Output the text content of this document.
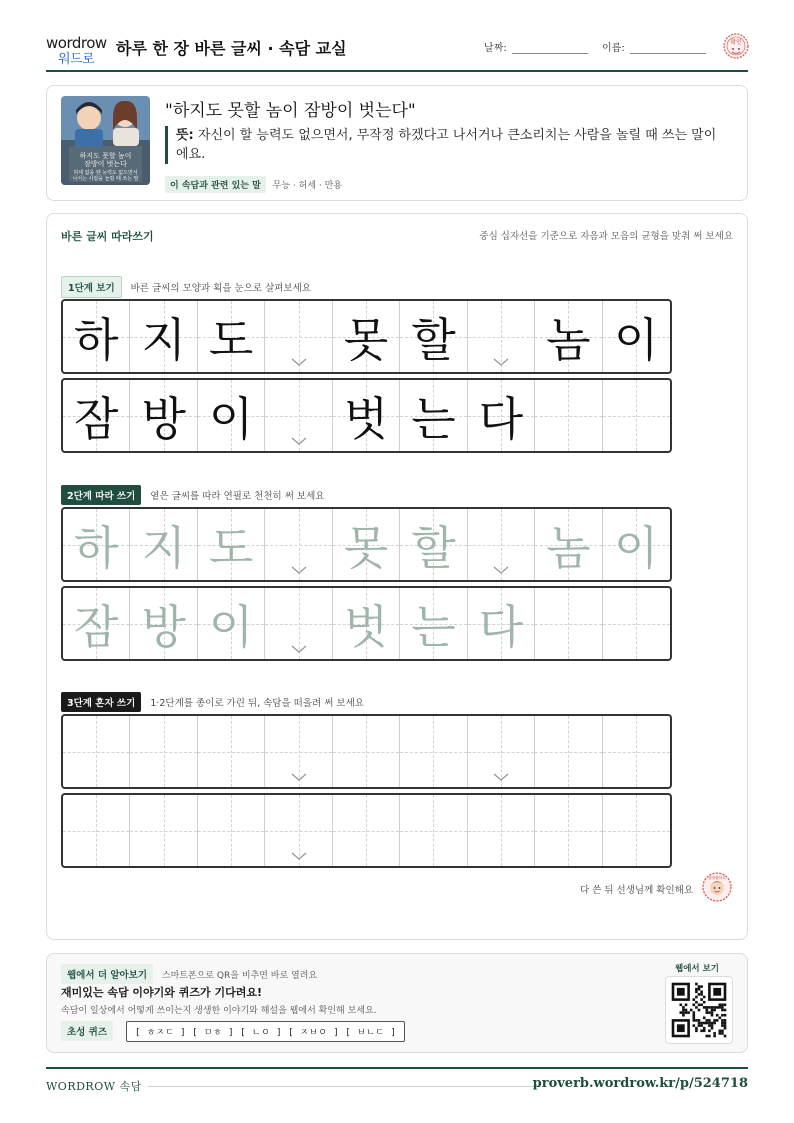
wordrow
워드로
하루 한 장 바른 글씨 · 속담 교실	날짜:	이름:
확인
하지도 못할 놈이
잠방이 벗는다
허세 없을 땐 능력도 없으면서
나서는 사람을 놀릴 때 쓰는 말
"하지도 못할 놈이 잠방이 벗는다"
뜻: 자신이 할 능력도 없으면서, 무작정 하겠다고 나서거나 큰소리치는 사람을 놀릴 때 쓰는 말이에요.
이 속담과 관련 있는 말 무능 · 허세 · 만용
바른 글씨 따라쓰기	중심 십자선을 기준으로 자음과 모음의 균형을 맞춰 써 보세요
1단계 보기 바른 글씨의 모양과 획을 눈으로 살펴보세요
하 지 도 못 할 놈 이
잠 방 이 벗 는 다
2단계 따라 쓰기 옅은 글씨를 따라 연필로 천천히 써 보세요
하 지 도 못 할 놈 이
잠 방 이 벗 는 다
3단계 혼자 쓰기 1·2단계를 종이로 가린 뒤, 속담을 떠올려 써 보세요
다 쓴 뒤 선생님께 확인해요
참잘했어요
웹에서 더 알아보기 스마트폰으로 QR을 비추면 바로 열려요
재미있는 속담 이야기와 퀴즈가 기다려요!
속담이 일상에서 어떻게 쓰이는지 생생한 이야기와 해설을 웹에서 확인해 보세요.
초성 퀴즈	[ ㅎㅈㄷ ] [ ㅁㅎ ] [ ㄴㅇ ] [ ㅈㅂㅇ ] [ ㅂㄴㄷ ]
웹에서 보기
WORDROW 속담	proverb.wordrow.kr/p/524718
